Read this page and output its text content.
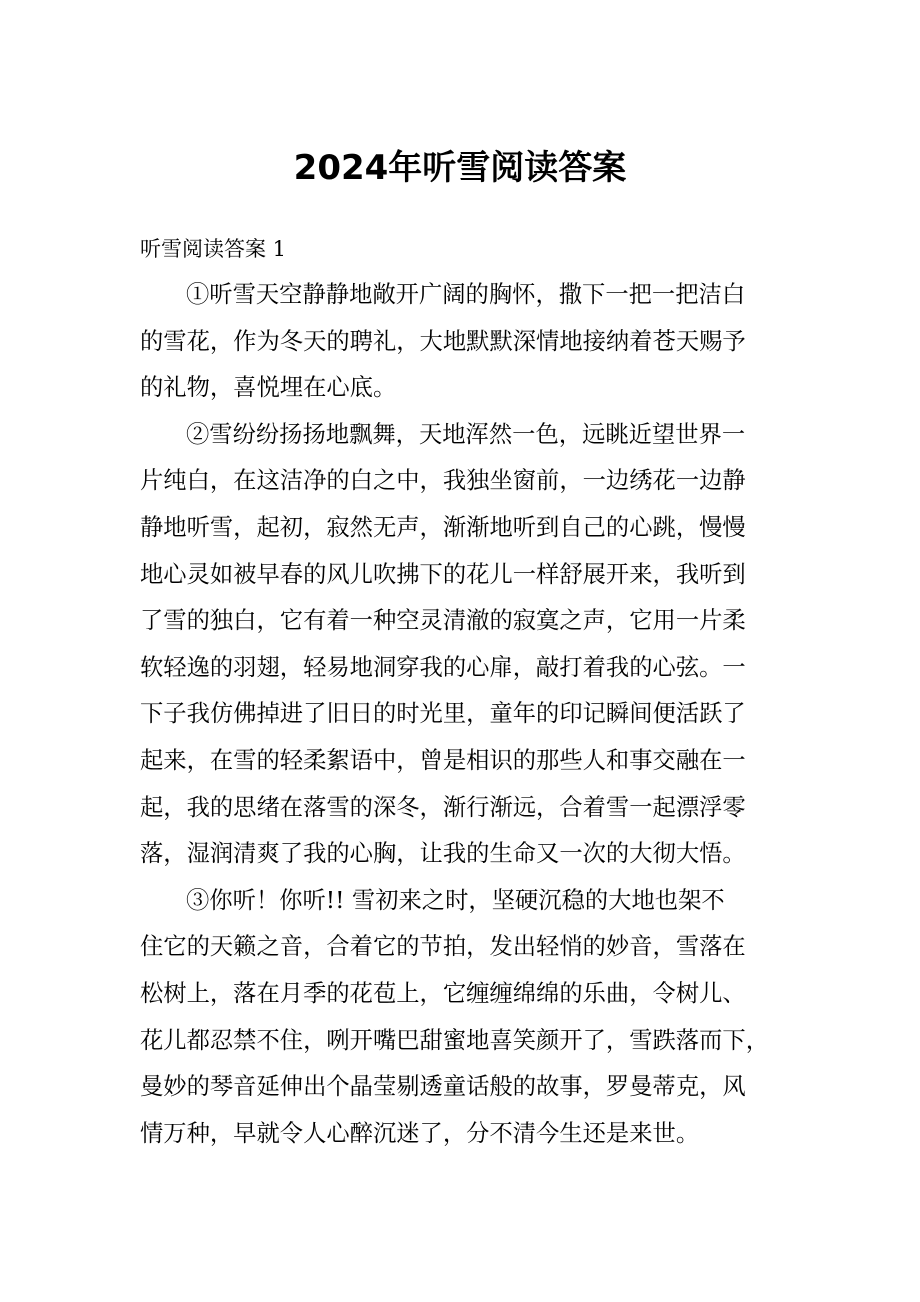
2024年听雪阅读答案
听雪阅读答案 1

①听雪天空静静地敞开广阔的胸怀，撒下一把一把洁白
的雪花，作为冬天的聘礼，大地默默深情地接纳着苍天赐予
的礼物，喜悦埋在心底。

②雪纷纷扬扬地飘舞，天地浑然一色，远眺近望世界一
片纯白，在这洁净的白之中，我独坐窗前，一边绣花一边静
静地听雪，起初，寂然无声，渐渐地听到自己的心跳，慢慢
地心灵如被早春的风儿吹拂下的花儿一样舒展开来，我听到
了雪的独白，它有着一种空灵清澈的寂寞之声，它用一片柔
软轻逸的羽翅，轻易地洞穿我的心扉，敲打着我的心弦。一
下子我仿佛掉进了旧日的时光里，童年的印记瞬间便活跃了
起来，在雪的轻柔絮语中，曾是相识的那些人和事交融在一
起，我的思绪在落雪的深冬，渐行渐远，合着雪一起漂浮零
落，湿润清爽了我的心胸，让我的生命又一次的大彻大悟。

③你听！你听!! 雪初来之时，坚硬沉稳的大地也架不
住它的天籁之音，合着它的节拍，发出轻悄的妙音，雪落在
松树上，落在月季的花苞上，它缠缠绵绵的乐曲，令树儿、
花儿都忍禁不住，咧开嘴巴甜蜜地喜笑颜开了，雪跌落而下，
曼妙的琴音延伸出个晶莹剔透童话般的故事，罗曼蒂克，风
情万种，早就令人心醉沉迷了，分不清今生还是来世。
